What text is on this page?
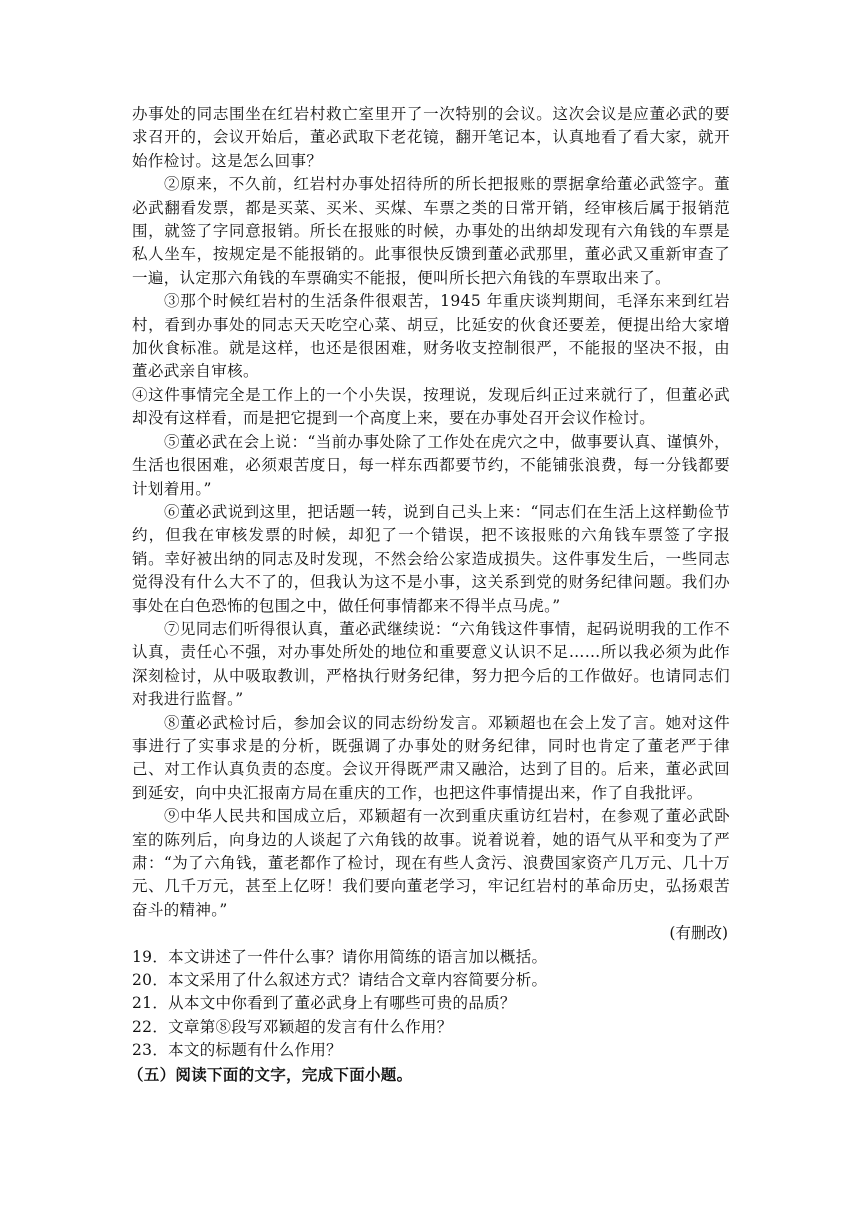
办事处的同志围坐在红岩村救亡室里开了一次特别的会议。这次会议是应董必武的要求召开的，会议开始后，董必武取下老花镜，翻开笔记本，认真地看了看大家，就开始作检讨。这是怎么回事？

②原来，不久前，红岩村办事处招待所的所长把报账的票据拿给董必武签字。董必武翻看发票，都是买菜、买米、买煤、车票之类的日常开销，经审核后属于报销范围，就签了字同意报销。所长在报账的时候，办事处的出纳却发现有六角钱的车票是私人坐车，按规定是不能报销的。此事很快反馈到董必武那里，董必武又重新审查了一遍，认定那六角钱的车票确实不能报，便叫所长把六角钱的车票取出来了。

③那个时候红岩村的生活条件很艰苦，1945 年重庆谈判期间，毛泽东来到红岩村，看到办事处的同志天天吃空心菜、胡豆，比延安的伙食还要差，便提出给大家增加伙食标准。就是这样，也还是很困难，财务收支控制很严，不能报的坚决不报，由董必武亲自审核。

④这件事情完全是工作上的一个小失误，按理说，发现后纠正过来就行了，但董必武却没有这样看，而是把它提到一个高度上来，要在办事处召开会议作检讨。

⑤董必武在会上说：“当前办事处除了工作处在虎穴之中，做事要认真、谨慎外，生活也很困难，必须艰苦度日，每一样东西都要节约，不能铺张浪费，每一分钱都要计划着用。”

⑥董必武说到这里，把话题一转，说到自己头上来：“同志们在生活上这样勤俭节约，但我在审核发票的时候，却犯了一个错误，把不该报账的六角钱车票签了字报销。幸好被出纳的同志及时发现，不然会给公家造成损失。这件事发生后，一些同志觉得没有什么大不了的，但我认为这不是小事，这关系到党的财务纪律问题。我们办事处在白色恐怖的包围之中，做任何事情都来不得半点马虎。”

⑦见同志们听得很认真，董必武继续说：“六角钱这件事情，起码说明我的工作不认真，责任心不强，对办事处所处的地位和重要意义认识不足……所以我必须为此作深刻检讨，从中吸取教训，严格执行财务纪律，努力把今后的工作做好。也请同志们对我进行监督。”

⑧董必武检讨后，参加会议的同志纷纷发言。邓颖超也在会上发了言。她对这件事进行了实事求是的分析，既强调了办事处的财务纪律，同时也肯定了董老严于律己、对工作认真负责的态度。会议开得既严肃又融洽，达到了目的。后来，董必武回到延安，向中央汇报南方局在重庆的工作，也把这件事情提出来，作了自我批评。

⑨中华人民共和国成立后，邓颖超有一次到重庆重访红岩村，在参观了董必武卧室的陈列后，向身边的人谈起了六角钱的故事。说着说着，她的语气从平和变为了严肃：“为了六角钱，董老都作了检讨，现在有些人贪污、浪费国家资产几万元、几十万元、几千万元，甚至上亿呀！我们要向董老学习，牢记红岩村的革命历史，弘扬艰苦奋斗的精神。”

(有删改)

19．本文讲述了一件什么事？请你用简练的语言加以概括。

20．本文采用了什么叙述方式？请结合文章内容简要分析。

21．从本文中你看到了董必武身上有哪些可贵的品质？

22．文章第⑧段写邓颖超的发言有什么作用？

23．本文的标题有什么作用？

（五）阅读下面的文字，完成下面小题。
